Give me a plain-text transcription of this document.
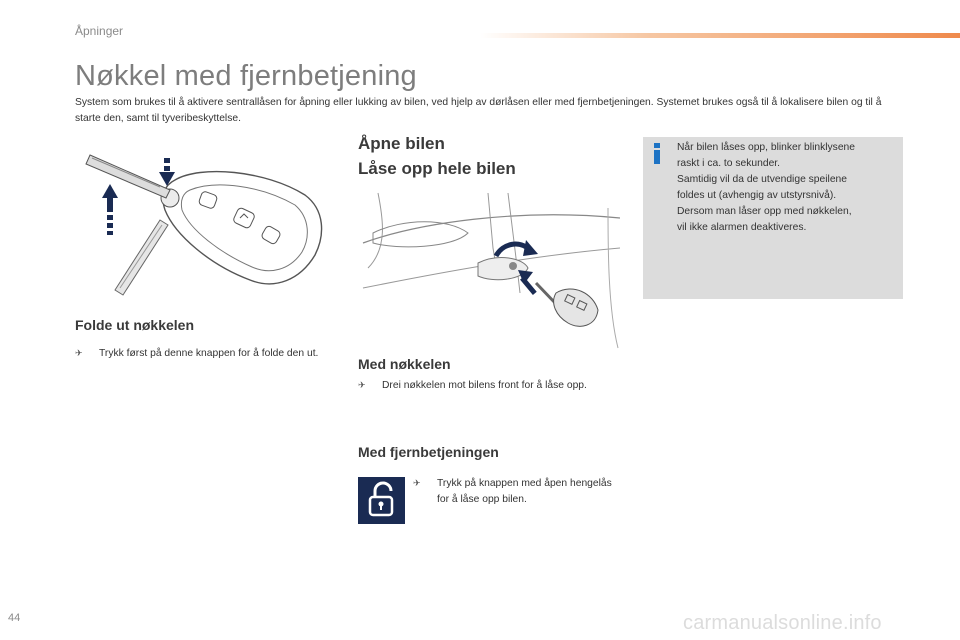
Åpninger
Nøkkel med fjernbetjening

System som brukes til å aktivere sentrallåsen for åpning eller lukking av bilen, ved hjelp av dørlåsen eller med fjernbetjeningen. Systemet brukes også til å lokalisere bilen og til å starte den, samt til tyveribeskyttelse.

Folde ut nøkkelen
✈	Trykk først på denne knappen for å folde den ut.
Åpne bilen
Låse opp hele bilen
Med nøkkelen
✈	Drei nøkkelen mot bilens front for å låse opp.
Med fjernbetjeningen
✈	Trykk på knappen med åpen hengelås for å låse opp bilen.
Når bilen låses opp, blinker blinklysene
raskt i ca. to sekunder.
Samtidig vil da de utvendige speilene
foldes ut (avhengig av utstyrsnivå).
Dersom man låser opp med nøkkelen,
vil ikke alarmen deaktiveres.
44	carmanualsonline.info
